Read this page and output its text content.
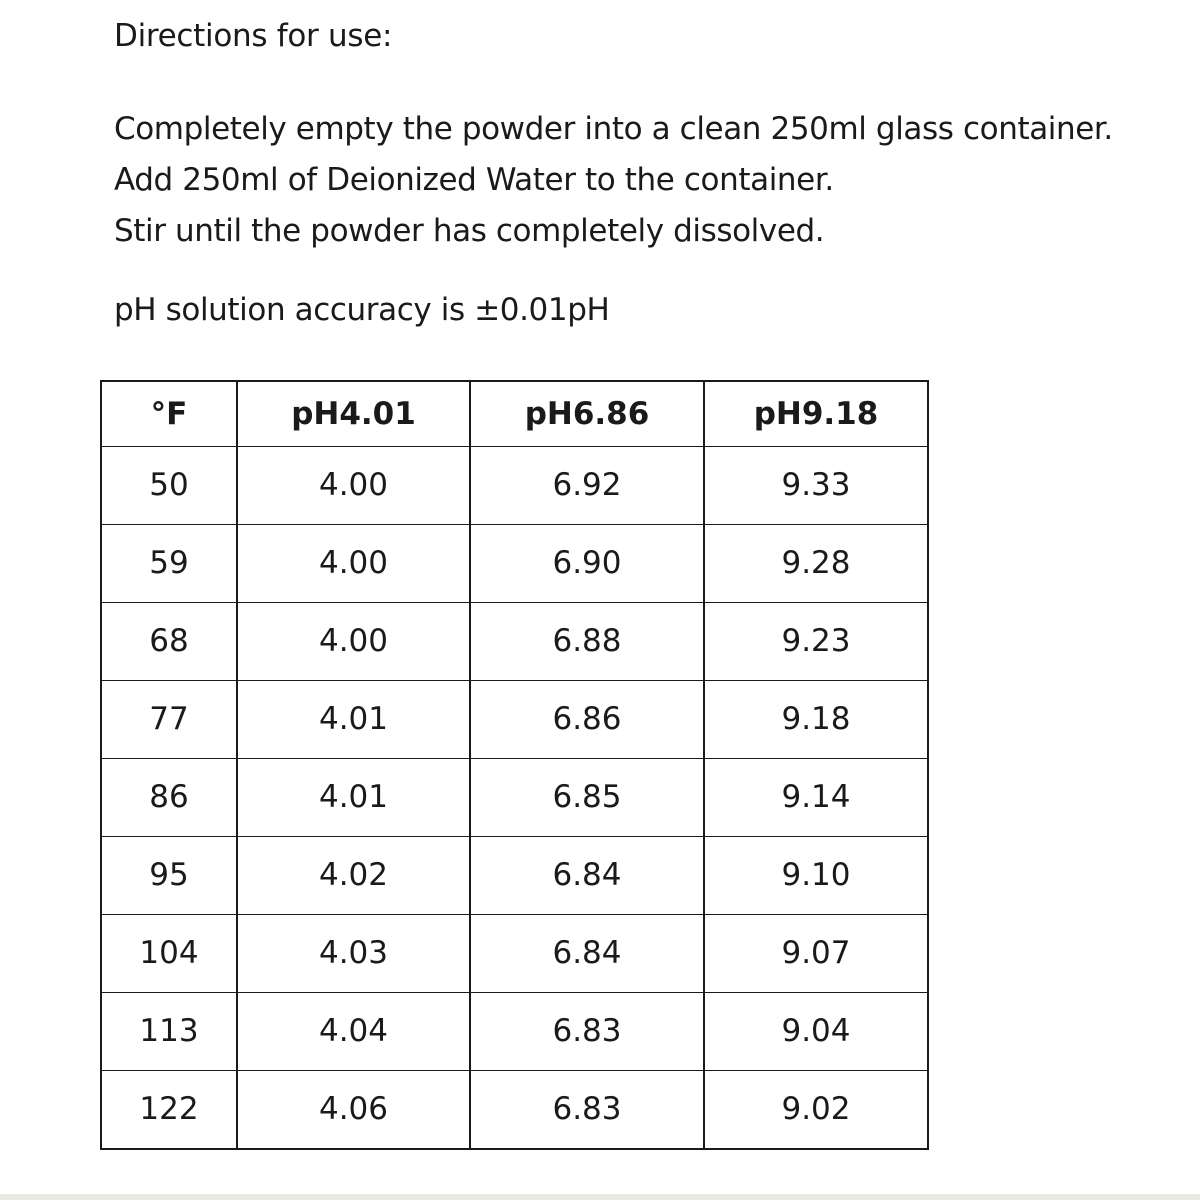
Directions for use:
Completely empty the powder into a clean 250ml glass container.
Add 250ml of Deionized Water to the container.
Stir until the powder has completely dissolved.
pH solution accuracy is ±0.01pH
°F	pH4.01	pH6.86	pH9.18
50	4.00	6.92	9.33
59	4.00	6.90	9.28
68	4.00	6.88	9.23
77	4.01	6.86	9.18
86	4.01	6.85	9.14
95	4.02	6.84	9.10
104	4.03	6.84	9.07
113	4.04	6.83	9.04
122	4.06	6.83	9.02
